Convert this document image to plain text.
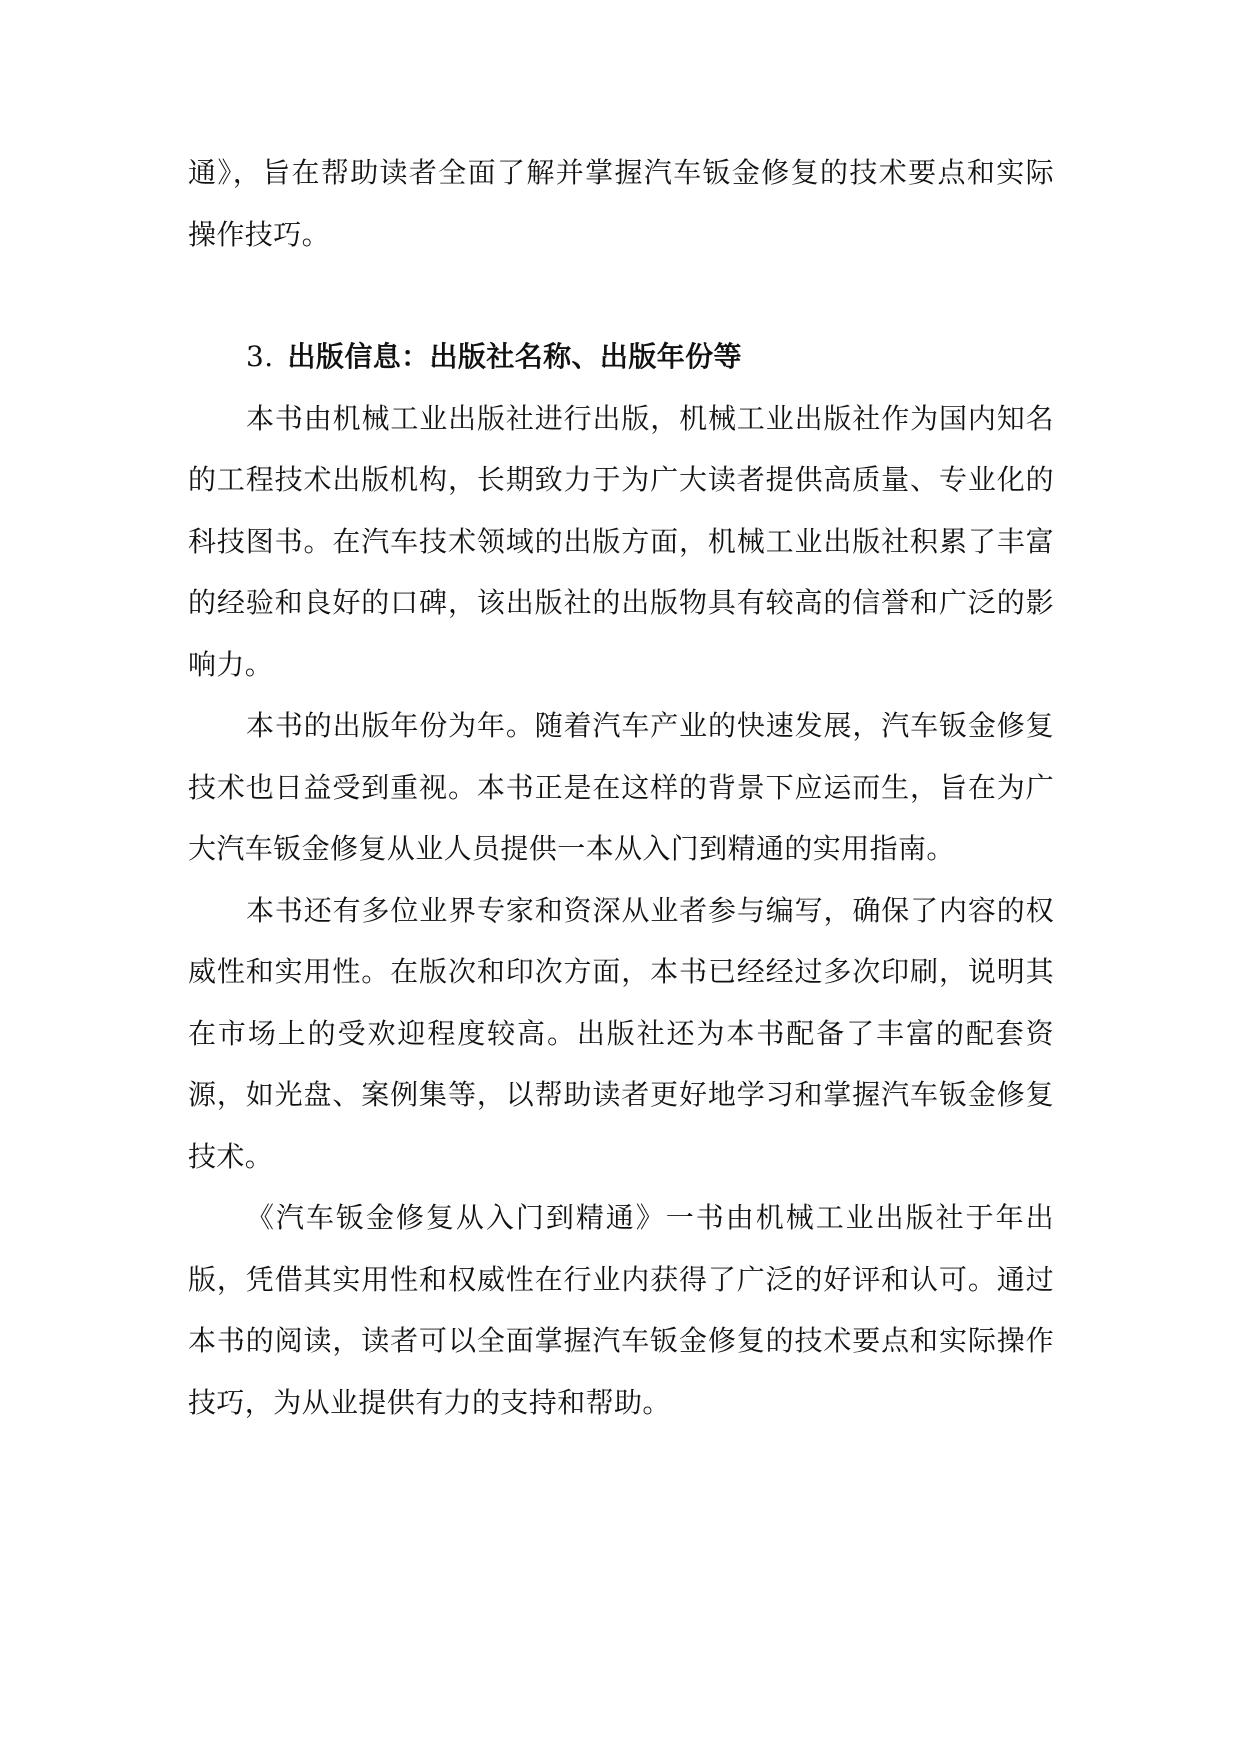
通》，旨在帮助读者全面了解并掌握汽车钣金修复的技术要点和实际操作技巧。

3. 出版信息：出版社名称、出版年份等

本书由机械工业出版社进行出版，机械工业出版社作为国内知名的工程技术出版机构，长期致力于为广大读者提供高质量、专业化的科技图书。在汽车技术领域的出版方面，机械工业出版社积累了丰富的经验和良好的口碑，该出版社的出版物具有较高的信誉和广泛的影响力。

本书的出版年份为年。随着汽车产业的快速发展，汽车钣金修复技术也日益受到重视。本书正是在这样的背景下应运而生，旨在为广大汽车钣金修复从业人员提供一本从入门到精通的实用指南。

本书还有多位业界专家和资深从业者参与编写，确保了内容的权威性和实用性。在版次和印次方面，本书已经经过多次印刷，说明其在市场上的受欢迎程度较高。出版社还为本书配备了丰富的配套资源，如光盘、案例集等，以帮助读者更好地学习和掌握汽车钣金修复技术。

《汽车钣金修复从入门到精通》一书由机械工业出版社于年出版，凭借其实用性和权威性在行业内获得了广泛的好评和认可。通过本书的阅读，读者可以全面掌握汽车钣金修复的技术要点和实际操作技巧，为从业提供有力的支持和帮助。
